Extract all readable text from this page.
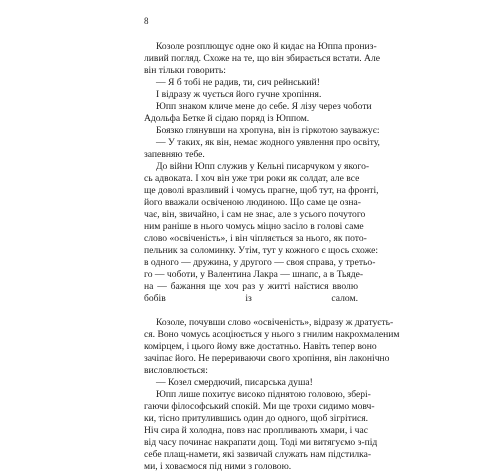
8
Козоле розплющує одне око й кидає на Юппа прониз-
ливий погляд. Схоже на те, що він збирається встати. Але
він тільки говорить:
— Я б тобі не радив, ти, сич рейнський!
І відразу ж чується його гучне хропіння.
Юпп знаком кличе мене до себе. Я лізу через чоботи
Адольфа Бетке й сідаю поряд із Юппом.
Боязко глянувши на хропуна, він із гіркотою зауважує:
— У таких, як він, немає жодного уявлення про освіту,
запевняю тебе.
До війни Юпп служив у Кельні писарчуком у якого-
сь адвоката. І хоч він уже три роки як солдат, але все
ще доволі вразливий і чомусь прагне, щоб тут, на фронті,
його вважали освіченою людиною. Що саме це озна-
чає, він, звичайно, і сам не знає, але з усього почутого
ним раніше в нього чомусь міцно засіло в голові саме
слово «освіченість», і він чіпляється за нього, як пото-
пельник за соломинку. Утім, тут у кожного є щось схоже:
в одного — дружина, у другого — своя справа, у третьо-
го — чоботи, у Валентина Лакра — шнапс, а в Тьяде-
на — бажання ще хоч раз у житті наїстися вволю
бобів із салом.
Козоле, почувши слово «освіченість», відразу ж дратуєть-
ся. Воно чомусь асоціюється у нього з гнилим накрохмаленим
комірцем, і цього йому вже достатньо. Навіть тепер воно
зачіпає його. Не перериваючи свого хропіння, він лаконічно
висловлюється:
— Козел смердючий, писарська душа!
Юпп лише похитує високо піднятою головою, збері-
гаючи філософський спокій. Ми ще трохи сидимо мовч-
ки, тісно притулившись один до одного, щоб зігрітися.
Ніч сира й холодна, повз нас пропливають хмари, і час
від часу починає накрапати дощ. Тоді ми витягуємо з-під
себе плащ-намети, які зазвичай служать нам підстилка-
ми, і ховаємося під ними з головою.
